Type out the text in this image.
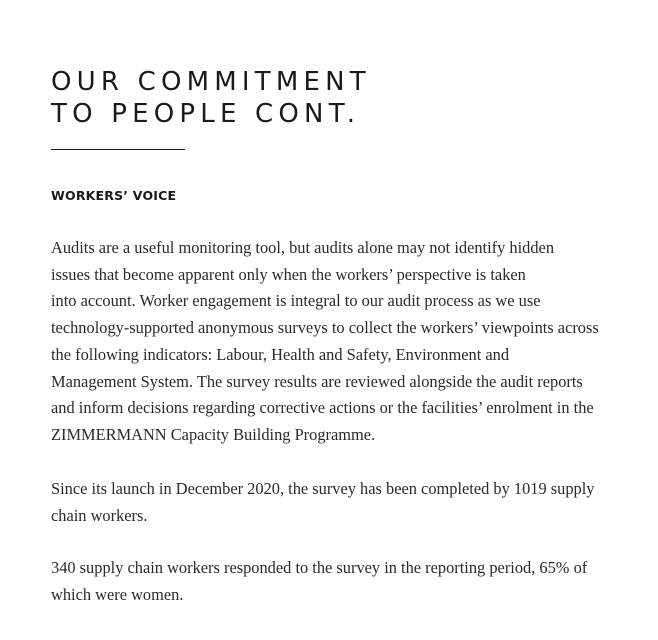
OUR COMMITMENT
TO PEOPLE CONT.
WORKERS’ VOICE

Audits are a useful monitoring tool, but audits alone may not identify hidden
issues that become apparent only when the workers’ perspective is taken
into account. Worker engagement is integral to our audit process as we use
technology-supported anonymous surveys to collect the workers’ viewpoints across
the following indicators: Labour, Health and Safety, Environment and
Management System. The survey results are reviewed alongside the audit reports
and inform decisions regarding corrective actions or the facilities’ enrolment in the
ZIMMERMANN Capacity Building Programme.

Since its launch in December 2020, the survey has been completed by 1019 supply
chain workers.

340 supply chain workers responded to the survey in the reporting period, 65% of
which were women.
